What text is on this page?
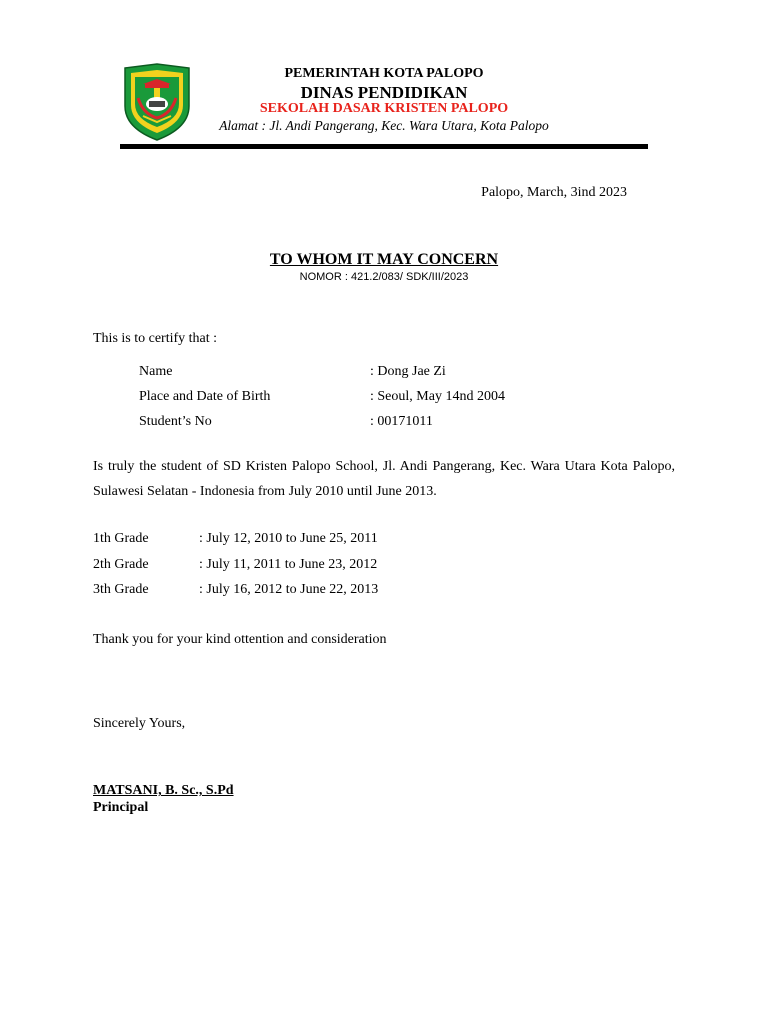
PEMERINTAH KOTA PALOPO
DINAS PENDIDIKAN
SEKOLAH DASAR KRISTEN PALOPO
Alamat : Jl. Andi Pangerang, Kec. Wara Utara, Kota Palopo
Palopo, March, 3ind 2023
TO WHOM IT MAY CONCERN
NOMOR : 421.2/083/ SDK/III/2023
This is to certify that :
Name	: Dong Jae Zi
Place and Date of Birth	: Seoul, May 14nd 2004
Student’s No	: 00171011
Is truly the student of SD Kristen Palopo School, Jl. Andi Pangerang, Kec. Wara Utara Kota Palopo, Sulawesi Selatan - Indonesia from July 2010 until June 2013.
1th Grade	: July 12, 2010 to June 25, 2011
2th Grade	: July 11, 2011 to June 23, 2012
3th Grade	: July 16, 2012 to June 22, 2013
Thank you for your kind ottention and consideration
Sincerely Yours,
MATSANI, B. Sc., S.Pd
Principal
